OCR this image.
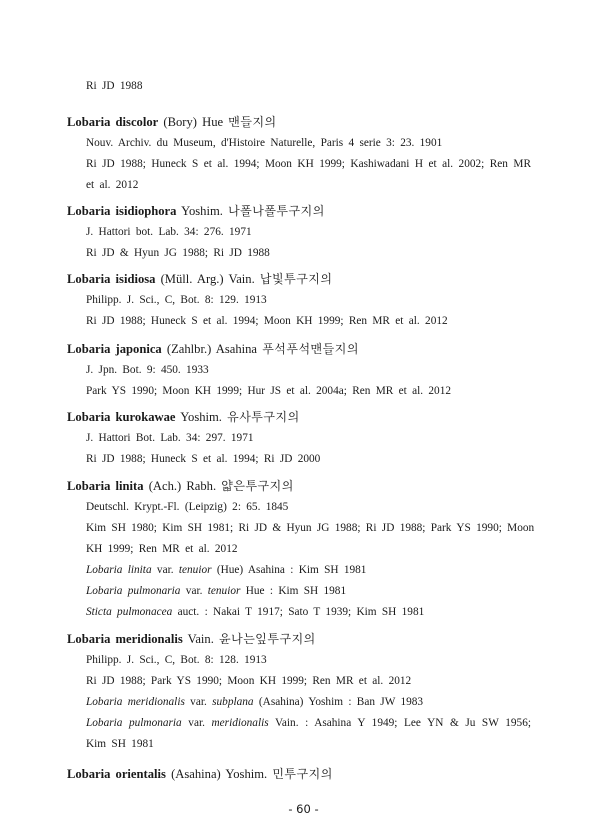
Ri JD 1988
Lobaria discolor (Bory) Hue 맨들지의
Nouv. Archiv. du Museum, d'Histoire Naturelle, Paris 4 serie 3: 23. 1901
Ri JD 1988; Huneck S et al. 1994; Moon KH 1999; Kashiwadani H et al. 2002; Ren MR
et al. 2012
Lobaria isidiophora Yoshim. 나폴나폴투구지의
J. Hattori bot. Lab. 34: 276. 1971
Ri JD & Hyun JG 1988; Ri JD 1988
Lobaria isidiosa (Müll. Arg.) Vain. 납빛투구지의
Philipp. J. Sci., C, Bot. 8: 129. 1913
Ri JD 1988; Huneck S et al. 1994; Moon KH 1999; Ren MR et al. 2012
Lobaria japonica (Zahlbr.) Asahina 푸석푸석맨들지의
J. Jpn. Bot. 9: 450. 1933
Park YS 1990; Moon KH 1999; Hur JS et al. 2004a; Ren MR et al. 2012
Lobaria kurokawae Yoshim. 유사투구지의
J. Hattori Bot. Lab. 34: 297. 1971
Ri JD 1988; Huneck S et al. 1994; Ri JD 2000
Lobaria linita (Ach.) Rabh. 얇은투구지의
Deutschl. Krypt.-Fl. (Leipzig) 2: 65. 1845
Kim SH 1980; Kim SH 1981; Ri JD & Hyun JG 1988; Ri JD 1988; Park YS 1990; Moon
KH 1999; Ren MR et al. 2012
Lobaria linita var. tenuior (Hue) Asahina : Kim SH 1981
Lobaria pulmonaria var. tenuior Hue : Kim SH 1981
Sticta pulmonacea auct. : Nakai T 1917; Sato T 1939; Kim SH 1981
Lobaria meridionalis Vain. 윤나는잎투구지의
Philipp. J. Sci., C, Bot. 8: 128. 1913
Ri JD 1988; Park YS 1990; Moon KH 1999; Ren MR et al. 2012
Lobaria meridionalis var. subplana (Asahina) Yoshim : Ban JW 1983
Lobaria pulmonaria var. meridionalis Vain. : Asahina Y 1949; Lee YN & Ju SW 1956;
Kim SH 1981
Lobaria orientalis (Asahina) Yoshim. 민투구지의
- 60 -
